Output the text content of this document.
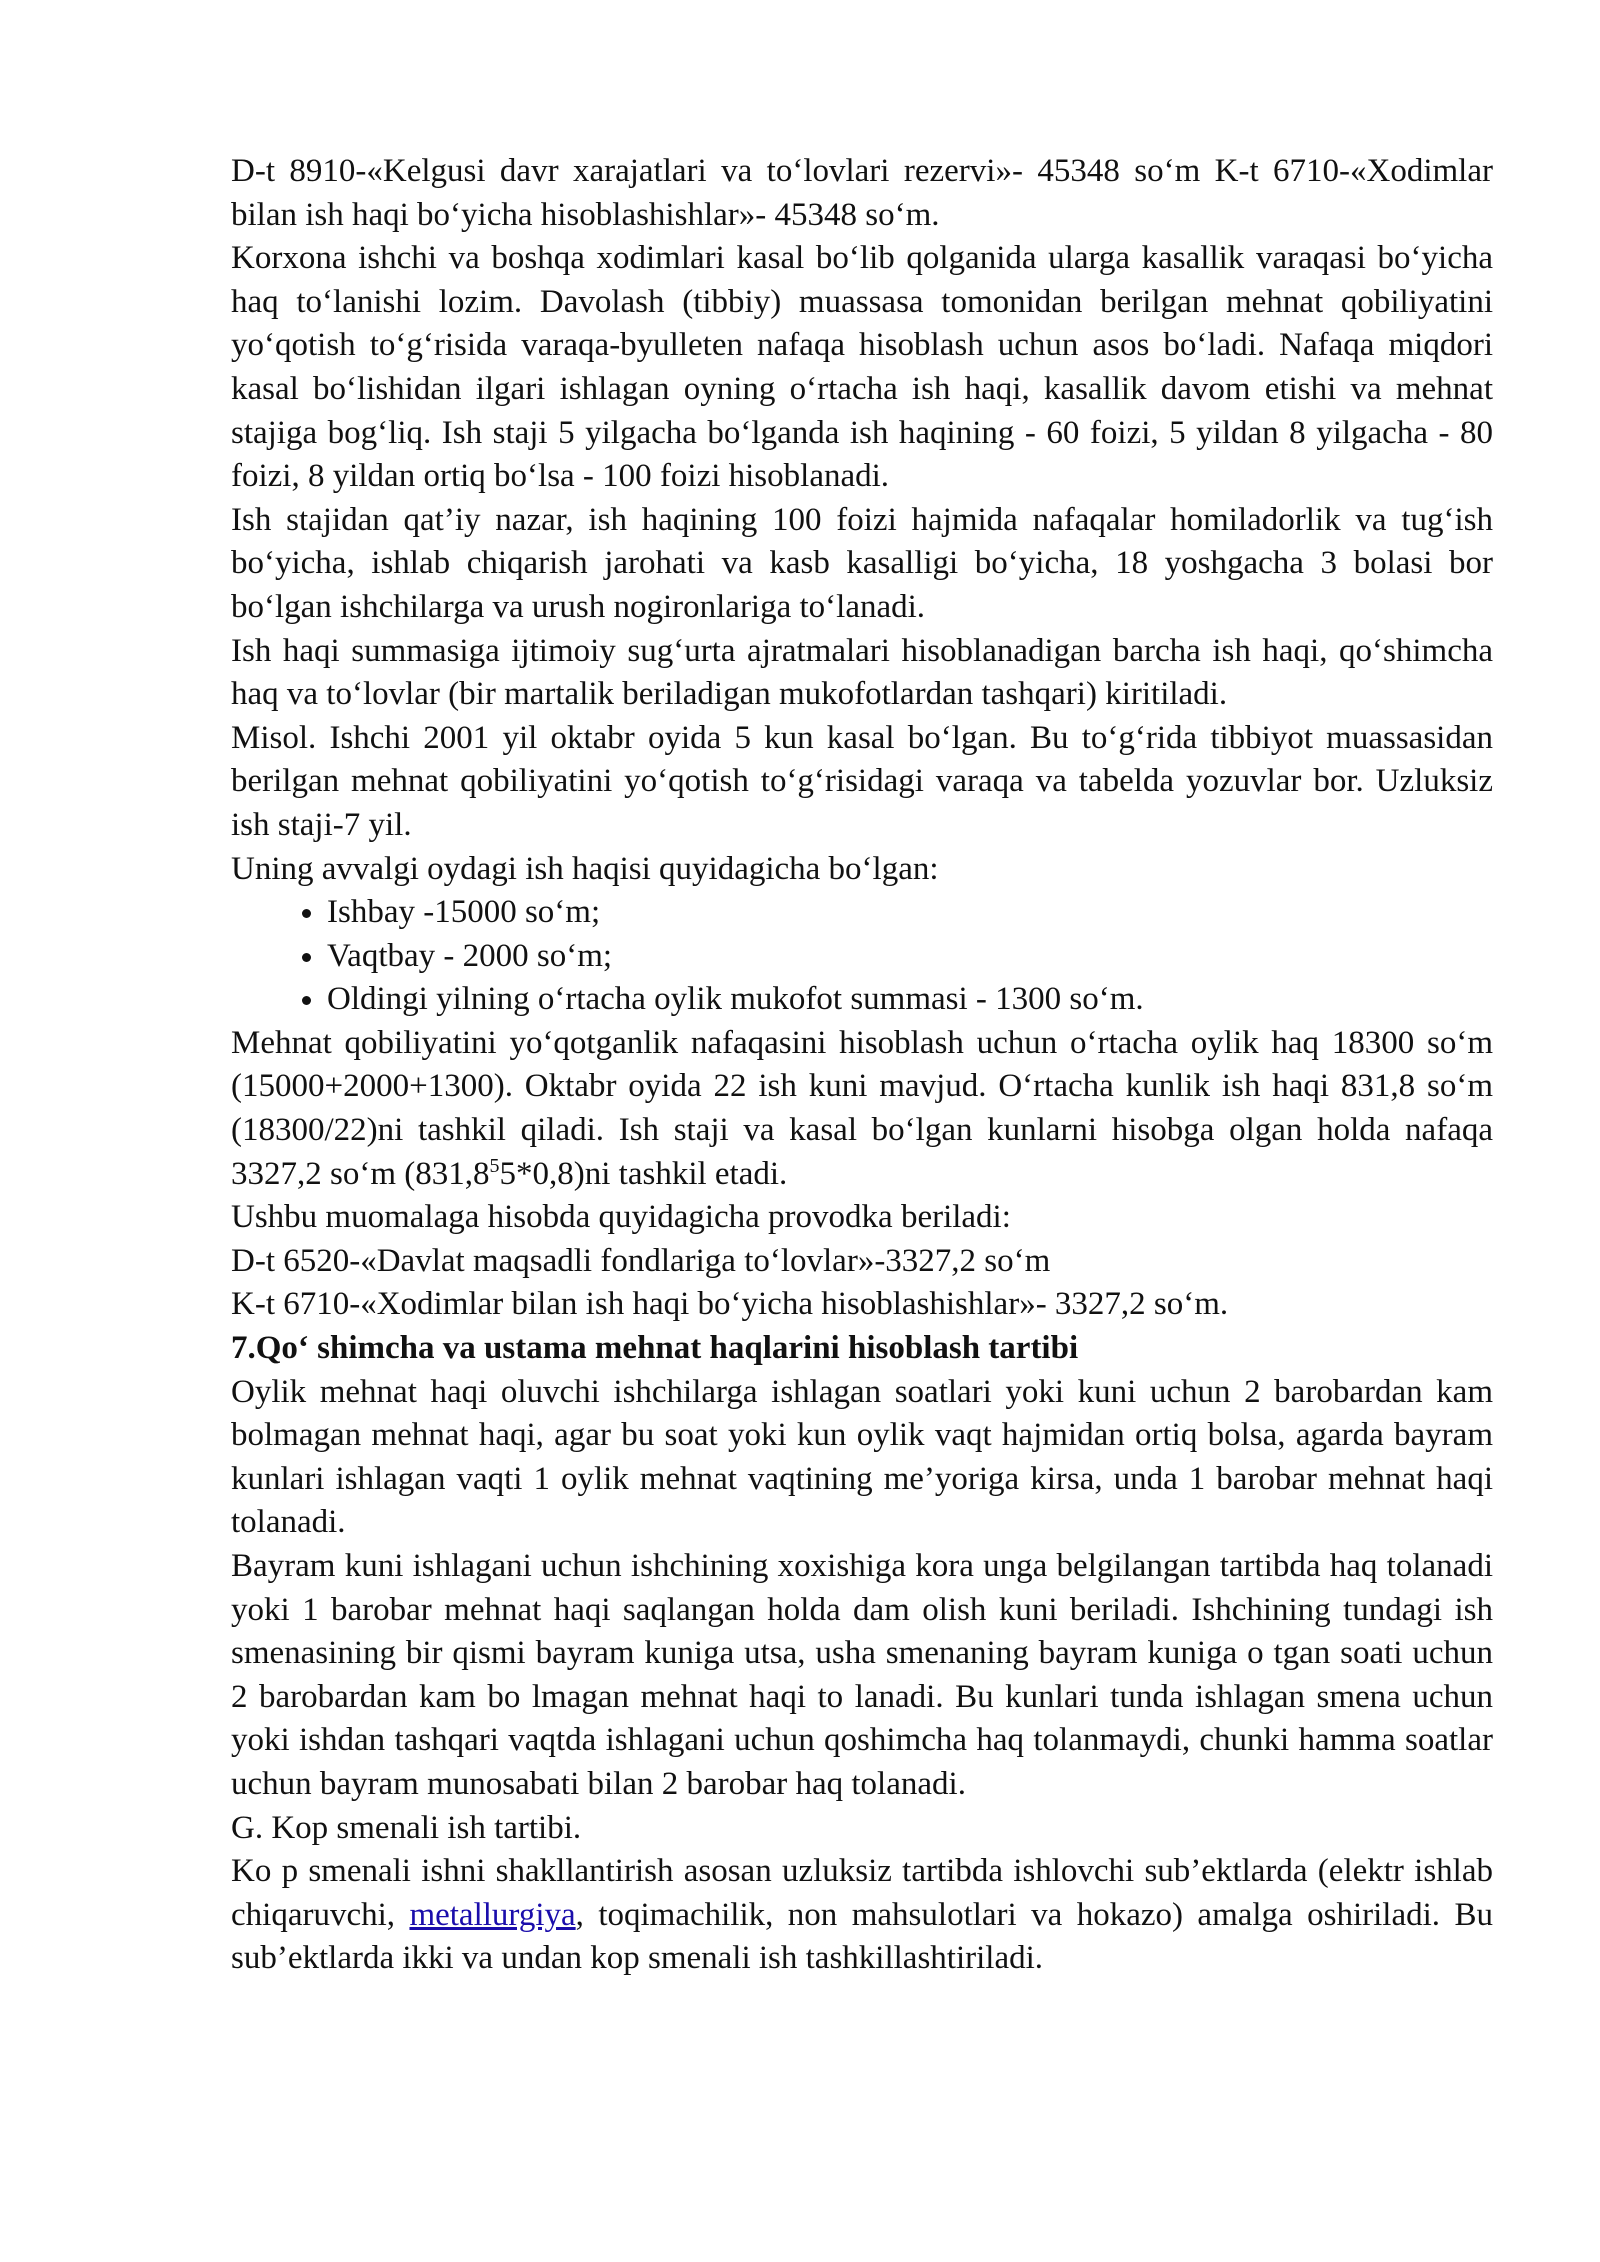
D-t 8910-«Kelgusi davr xarajatlari va to‘lovlari rezervi»- 45348 so‘m K-t 6710-«Xodimlar bilan ish haqi bo‘yicha hisoblashishlar»- 45348 so‘m.

Korxona ishchi va boshqa xodimlari kasal bo‘lib qolganida ularga kasallik varaqasi bo‘yicha haq to‘lanishi lozim. Davolash (tibbiy) muassasa tomonidan berilgan mehnat qobiliyatini yo‘qotish to‘g‘risida varaqa-byulleten nafaqa hisoblash uchun asos bo‘ladi. Nafaqa miqdori kasal bo‘lishidan ilgari ishlagan oyning o‘rtacha ish haqi, kasallik davom etishi va mehnat stajiga bog‘liq. Ish staji 5 yilgacha bo‘lganda ish haqining - 60 foizi, 5 yildan 8 yilgacha - 80 foizi, 8 yildan ortiq bo‘lsa - 100 foizi hisoblanadi.

Ish stajidan qat’iy nazar, ish haqining 100 foizi hajmida nafaqalar homiladorlik va tug‘ish bo‘yicha, ishlab chiqarish jarohati va kasb kasalligi bo‘yicha, 18 yoshgacha 3 bolasi bor bo‘lgan ishchilarga va urush nogironlariga to‘lanadi.

Ish haqi summasiga ijtimoiy sug‘urta ajratmalari hisoblanadigan barcha ish haqi, qo‘shimcha haq va to‘lovlar (bir martalik beriladigan mukofotlardan tashqari) kiritiladi.

Misol. Ishchi 2001 yil oktabr oyida 5 kun kasal bo‘lgan. Bu to‘g‘rida tibbiyot muassasidan berilgan mehnat qobiliyatini yo‘qotish to‘g‘risidagi varaqa va tabelda yozuvlar bor. Uzluksiz ish staji-7 yil.

Uning avvalgi oydagi ish haqisi quyidagicha bo‘lgan:

• Ishbay -15000 so‘m;
• Vaqtbay - 2000 so‘m;
• Oldingi yilning o‘rtacha oylik mukofot summasi - 1300 so‘m.

Mehnat qobiliyatini yo‘qotganlik nafaqasini hisoblash uchun o‘rtacha oylik haq 18300 so‘m (15000+2000+1300). Oktabr oyida 22 ish kuni mavjud. O‘rtacha kunlik ish haqi 831,8 so‘m (18300/22)ni tashkil qiladi. Ish staji va kasal bo‘lgan kunlarni hisobga olgan holda nafaqa 3327,2 so‘m (831,8$^5$5*0,8)ni tashkil etadi.

Ushbu muomalaga hisobda quyidagicha provodka beriladi:

D-t 6520-«Davlat maqsadli fondlariga to‘lovlar»-3327,2 so‘m

K-t 6710-«Xodimlar bilan ish haqi bo‘yicha hisoblashishlar»- 3327,2 so‘m.

7.Qo‘ shimcha va ustama mehnat haqlarini hisoblash tartibi

Oylik mehnat haqi oluvchi ishchilarga ishlagan soatlari yoki kuni uchun 2 barobardan kam bolmagan mehnat haqi, agar bu soat yoki kun oylik vaqt hajmidan ortiq bolsa, agarda bayram kunlari ishlagan vaqti 1 oylik mehnat vaqtining me’yoriga kirsa, unda 1 barobar mehnat haqi tolanadi.

Bayram kuni ishlagani uchun ishchining xoxishiga kora unga belgilangan tartibda haq tolanadi yoki 1 barobar mehnat haqi saqlangan holda dam olish kuni beriladi. Ishchining tundagi ish smenasining bir qismi bayram kuniga utsa, usha smenaning bayram kuniga o tgan soati uchun 2 barobardan kam bo lmagan mehnat haqi to lanadi. Bu kunlari tunda ishlagan smena uchun yoki ishdan tashqari vaqtda ishlagani uchun qoshimcha haq tolanmaydi, chunki hamma soatlar uchun bayram munosabati bilan 2 barobar haq tolanadi.

G. Kop smenali ish tartibi.

Ko p smenali ishni shakllantirish asosan uzluksiz tartibda ishlovchi sub’ektlarda (elektr ishlab chiqaruvchi, metallurgiya, toqimachilik, non mahsulotlari va hokazo) amalga oshiriladi. Bu sub’ektlarda ikki va undan kop smenali ish tashkillashtiriladi.
